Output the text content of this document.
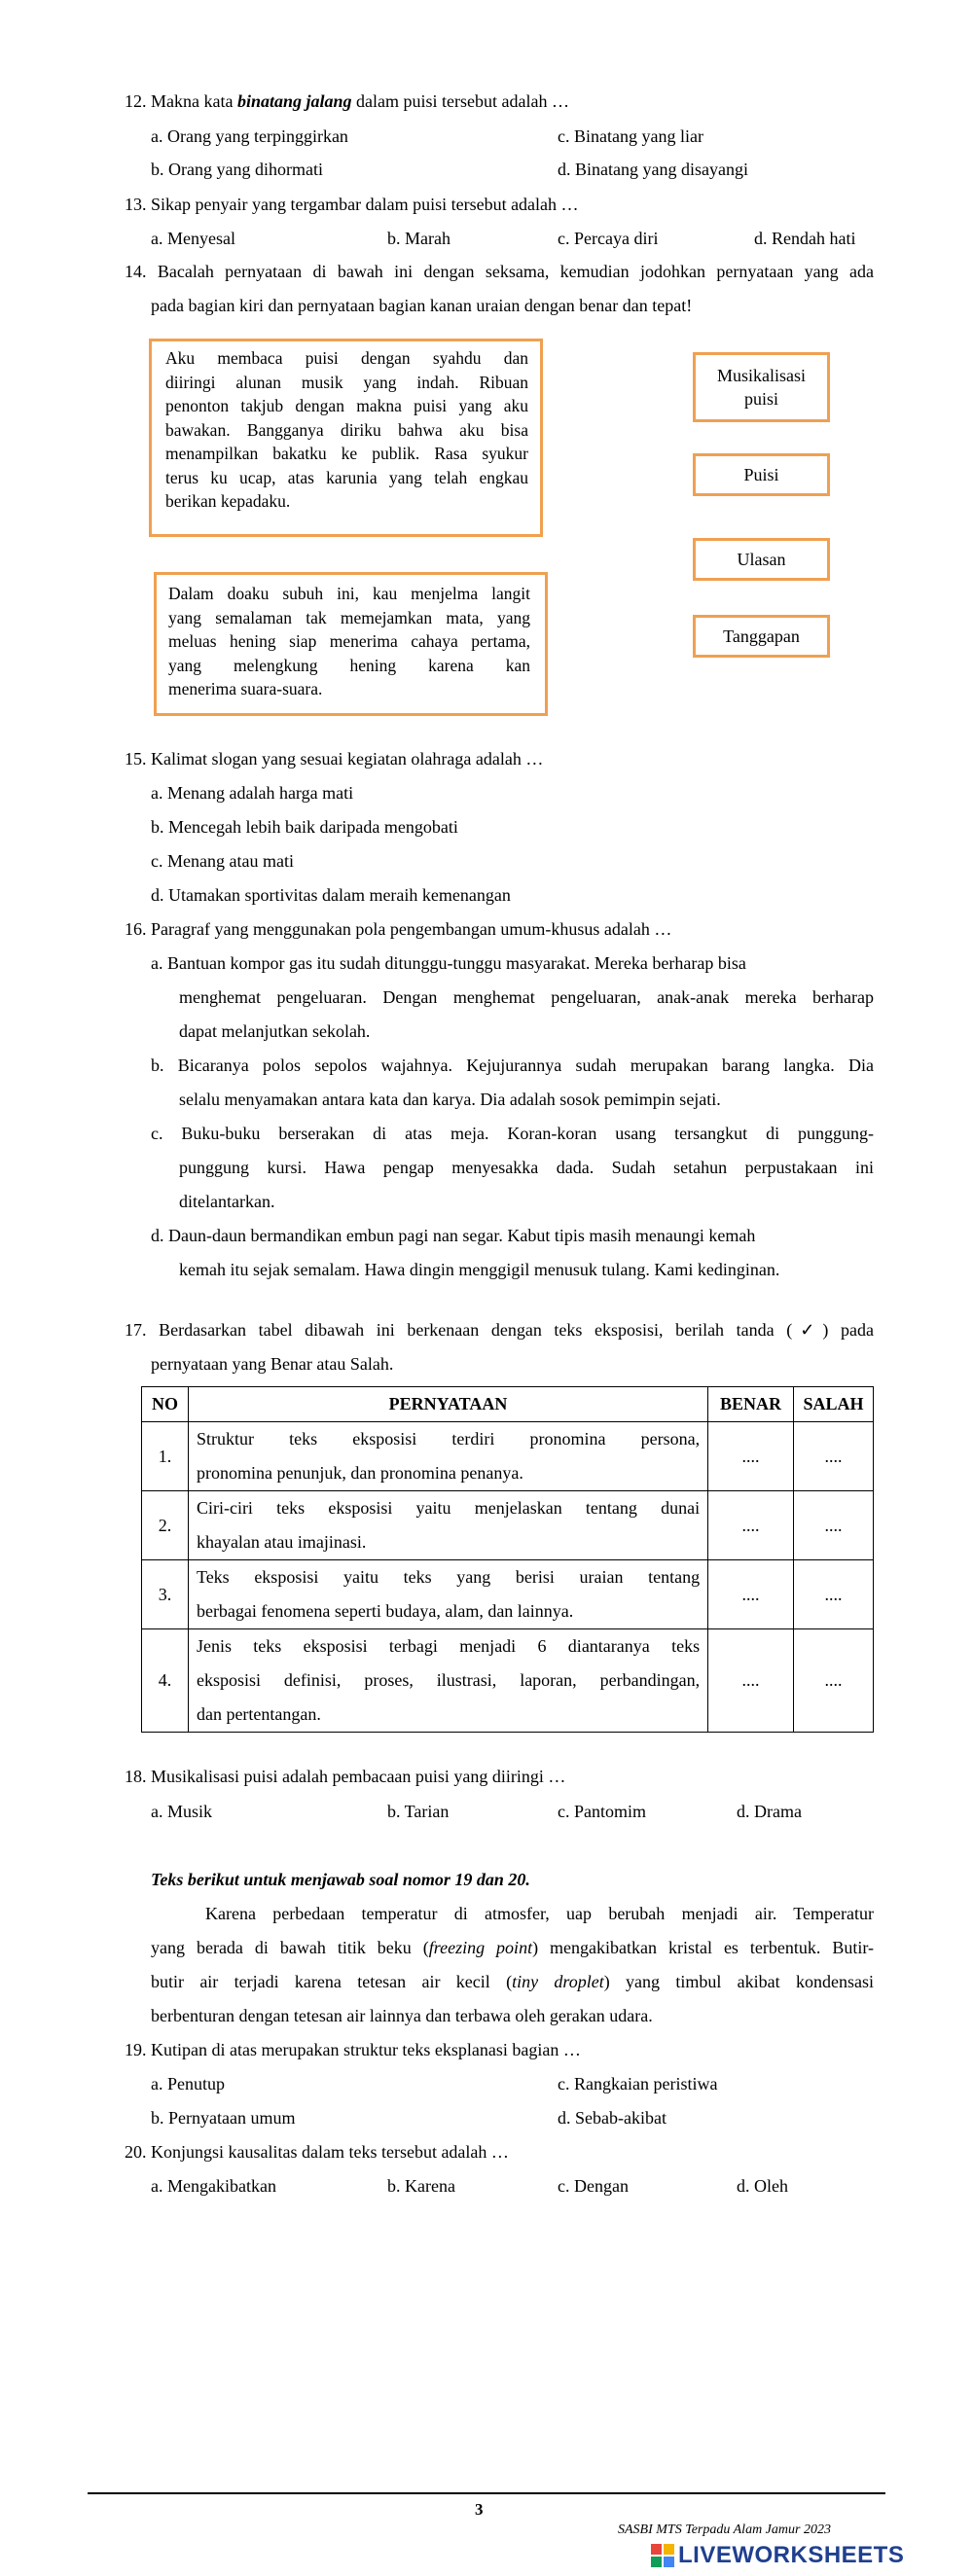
12. Makna kata binatang jalang dalam puisi tersebut adalah …
a. Orang yang terpinggirkan	c. Binatang yang liar
b. Orang yang dihormati	d. Binatang yang disayangi
13. Sikap penyair yang tergambar dalam puisi tersebut adalah …
a. Menyesal	b. Marah	c. Percaya diri	d. Rendah hati
14. Bacalah pernyataan di bawah ini dengan seksama, kemudian jodohkan pernyataan yang ada
pada bagian kiri dan pernyataan bagian kanan uraian dengan benar dan tepat!
Aku membaca puisi dengan syahdu dan
diiringi alunan musik yang indah. Ribuan
penonton takjub dengan makna puisi yang aku
bawakan. Bangganya diriku bahwa aku bisa
menampilkan bakatku ke publik. Rasa syukur
terus ku ucap, atas karunia yang telah engkau
berikan kepadaku.
Dalam doaku subuh ini, kau menjelma langit
yang semalaman tak memejamkan mata, yang
meluas hening siap menerima cahaya pertama,
yang melengkung hening karena kan
menerima suara-suara.
Musikalisasi
puisi
Puisi
Ulasan
Tanggapan
15. Kalimat slogan yang sesuai kegiatan olahraga adalah …
a. Menang adalah harga mati
b. Mencegah lebih baik daripada mengobati
c. Menang atau mati
d. Utamakan sportivitas dalam meraih kemenangan
16. Paragraf yang menggunakan pola pengembangan umum-khusus adalah …
a. Bantuan kompor gas itu sudah ditunggu-tunggu masyarakat. Mereka berharap bisa
menghemat pengeluaran. Dengan menghemat pengeluaran, anak-anak mereka berharap
dapat melanjutkan sekolah.
b. Bicaranya polos sepolos wajahnya. Kejujurannya sudah merupakan barang langka. Dia
selalu menyamakan antara kata dan karya. Dia adalah sosok pemimpin sejati.
c. Buku-buku berserakan di atas meja. Koran-koran usang tersangkut di punggung-
punggung kursi. Hawa pengap menyesakka dada. Sudah setahun perpustakaan ini
ditelantarkan.
d. Daun-daun bermandikan embun pagi nan segar. Kabut tipis masih menaungi kemah
kemah itu sejak semalam. Hawa dingin menggigil menusuk tulang. Kami kedinginan.
17. Berdasarkan tabel dibawah ini berkenaan dengan teks eksposisi, berilah tanda (✓) pada
pernyataan yang Benar atau Salah.
NO	PERNYATAAN	BENAR	SALAH
1.	Struktur teks eksposisi terdiri pronomina persona,
pronomina penunjuk, dan pronomina penanya.	....	....
2.	Ciri-ciri teks eksposisi yaitu menjelaskan tentang dunai
khayalan atau imajinasi.	....	....
3.	Teks eksposisi yaitu teks yang berisi uraian tentang
berbagai fenomena seperti budaya, alam, dan lainnya.	....	....
4.	Jenis teks eksposisi terbagi menjadi 6 diantaranya teks
eksposisi definisi, proses, ilustrasi, laporan, perbandingan,
dan pertentangan.	....	....
18. Musikalisasi puisi adalah pembacaan puisi yang diiringi …
a. Musik	b. Tarian	c. Pantomim	d. Drama
Teks berikut untuk menjawab soal nomor 19 dan 20.
Karena perbedaan temperatur di atmosfer, uap berubah menjadi air. Temperatur
yang berada di bawah titik beku (freezing point) mengakibatkan kristal es terbentuk. Butir-
butir air terjadi karena tetesan air kecil (tiny droplet) yang timbul akibat kondensasi
berbenturan dengan tetesan air lainnya dan terbawa oleh gerakan udara.
19. Kutipan di atas merupakan struktur teks eksplanasi bagian …
a. Penutup	c. Rangkaian peristiwa
b. Pernyataan umum	d. Sebab-akibat
20. Konjungsi kausalitas dalam teks tersebut adalah …
a. Mengakibatkan	b. Karena	c. Dengan	d. Oleh
3
SASBI MTS Terpadu Alam Jamur 2023
LIVEWORKSHEETS
